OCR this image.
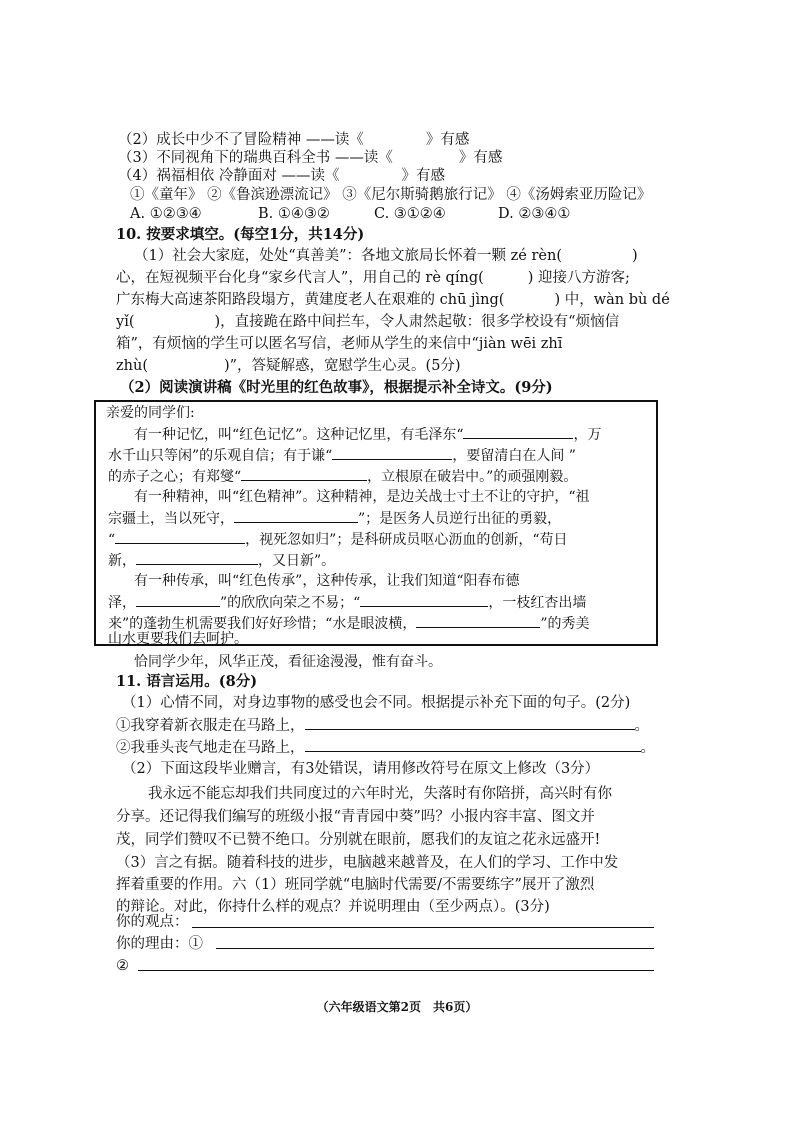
（2）成长中少不了冒险精神 ——读《	》有感
（3）不同视角下的瑞典百科全书 ——读《	》有感
（4）祸福相依 冷静面对 ——读《	》有感
①《童年》 ②《鲁滨逊漂流记》 ③《尼尔斯骑鹅旅行记》 ④《汤姆索亚历险记》
A. ①②③④	B. ①④③②	C. ③①②④	D. ②③④①
10. 按要求填空。(每空1分，共14分)
（1）社会大家庭，处处“真善美”：各地文旅局长怀着一颗 zé rèn(	)
心，在短视频平台化身“家乡代言人”，用自己的 rè qíng(	) 迎接八方游客;
广东梅大高速茶阳路段塌方，黄建度老人在艰难的 chū jìng(	) 中，wàn bù dé
yǐ(	)，直接跪在路中间拦车，令人肃然起敬：很多学校设有“烦恼信
箱”，有烦恼的学生可以匿名写信，老师从学生的来信中“jiàn wēi zhī
zhù(	)”，答疑解惑，宽慰学生心灵。(5分)
（2）阅读演讲稿《时光里的红色故事》，根据提示补全诗文。(9分)
亲爱的同学们:
有一种记忆，叫“红色记忆”。这种记忆里，有毛泽东“	，万
水千山只等闲”的乐观自信；有于谦“	，要留清白在人间 ”
的赤子之心；有郑燮“	，立根原在破岩中。”的顽强刚毅。
有一种精神，叫“红色精神”。这种精神，是边关战士寸土不让的守护，“祖
宗疆土，当以死守，	”；是医务人员逆行出征的勇毅，
“	，视死忽如归”；是科研成员呕心沥血的创新，“苟日
新，	，又日新”。
有一种传承，叫“红色传承”，这种传承，让我们知道“阳春布德
泽，	”的欣欣向荣之不易；“	，一枝红杏出墙
来”的蓬勃生机需要我们好好珍惜；“水是眼波横，	”的秀美
山水更要我们去呵护。
恰同学少年，风华正茂，看征途漫漫，惟有奋斗。
11. 语言运用。(8分)
（1）心情不同，对身边事物的感受也会不同。根据提示补充下面的句子。(2分)
①我穿着新衣服走在马路上，	。
②我垂头丧气地走在马路上，	。
（2）下面这段毕业赠言，有3处错误，请用修改符号在原文上修改（3分）
我永远不能忘却我们共同度过的六年时光，失落时有你陪拼，高兴时有你
分享。还记得我们编写的班级小报“青青园中葵”吗？小报内容丰富、图文并
茂，同学们赞叹不已赞不绝口。分别就在眼前，愿我们的友谊之花永远盛开!
（3）言之有据。随着科技的进步，电脑越来越普及，在人们的学习、工作中发
挥着重要的作用。六（1）班同学就“电脑时代需要/不需要练字”展开了激烈
的辩论。对此，你持什么样的观点？并说明理由（至少两点）。(3分)
你的观点：
你的理由：①
②
（六年级语文第2页　共6页）
